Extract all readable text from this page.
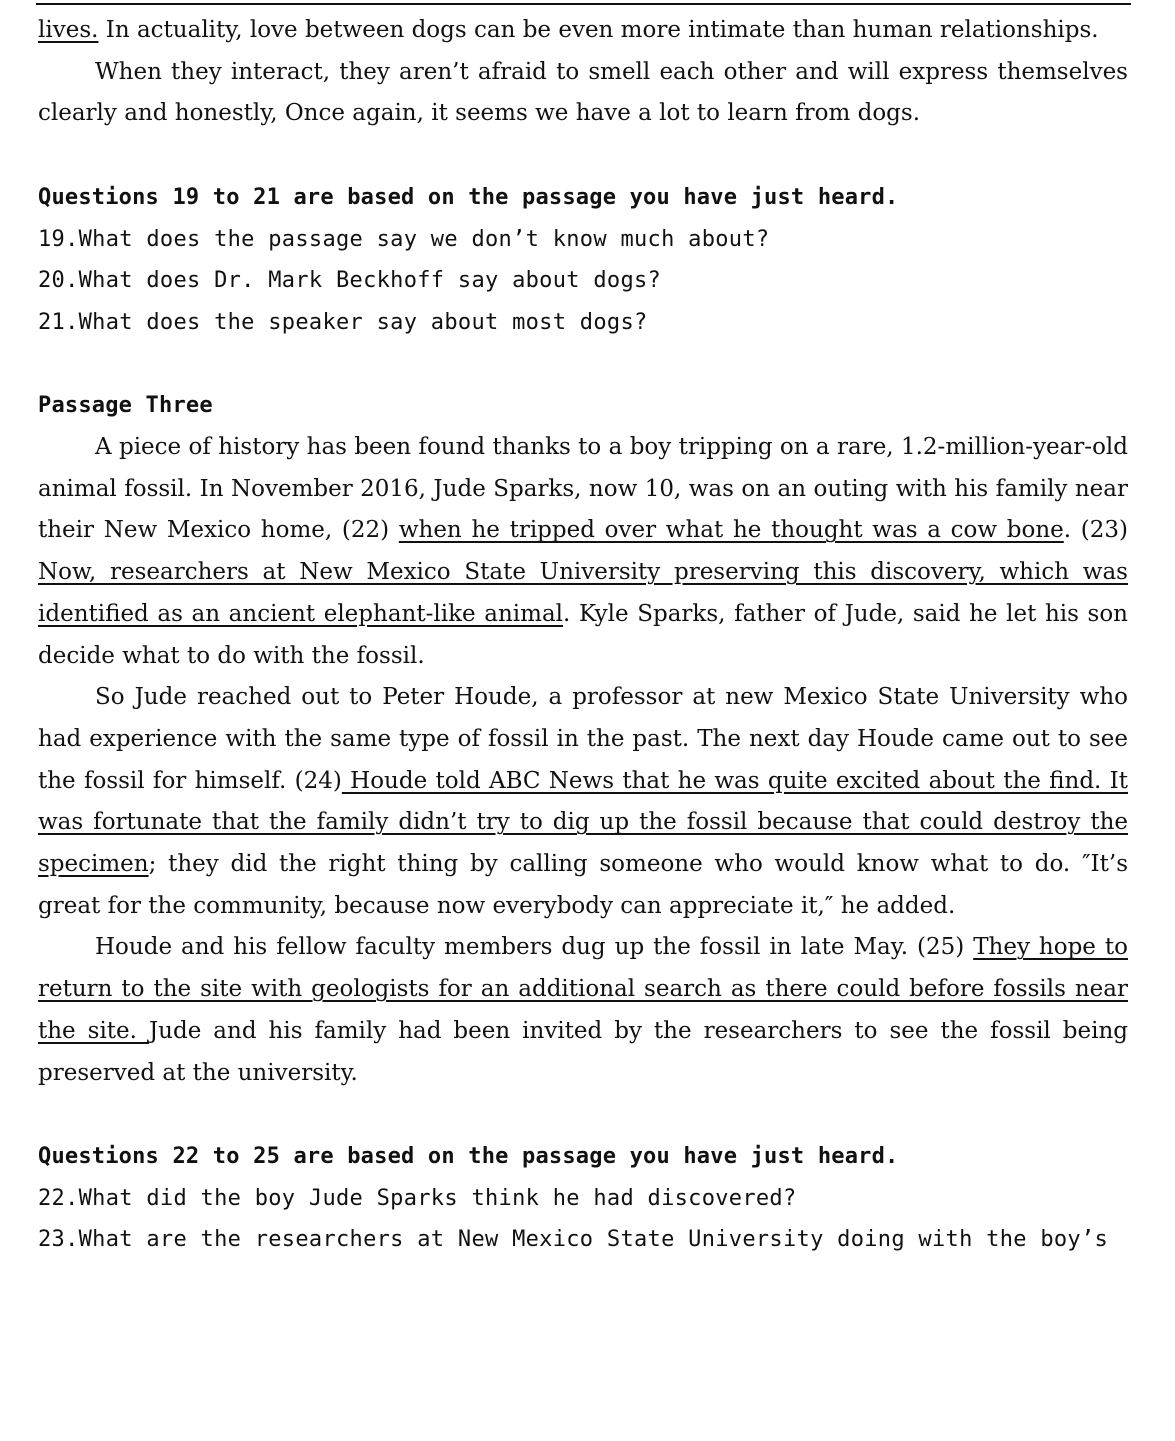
lives. In actuality, love between dogs can be even more intimate than human relationships.

When they interact, they aren’t afraid to smell each other and will express themselves clearly and honestly, Once again, it seems we have a lot to learn from dogs.

Questions 19 to 21 are based on the passage you have just heard.

19.What does the passage say we don’t know much about?

20.What does Dr. Mark Beckhoff say about dogs?

21.What does the speaker say about most dogs?

Passage Three

A piece of history has been found thanks to a boy tripping on a rare, 1.2-million-year-old animal fossil. In November 2016, Jude Sparks, now 10, was on an outing with his family near their New Mexico home, (22) when he tripped over what he thought was a cow bone. (23) Now, researchers at New Mexico State University preserving this discovery, which was identified as an ancient elephant-like animal. Kyle Sparks, father of Jude, said he let his son decide what to do with the fossil.

So Jude reached out to Peter Houde, a professor at new Mexico State University who had experience with the same type of fossil in the past. The next day Houde came out to see the fossil for himself. (24) Houde told ABC News that he was quite excited about the find. It was fortunate that the family didn’t try to dig up the fossil because that could destroy the specimen; they did the right thing by calling someone who would know what to do. ″It’s great for the community, because now everybody can appreciate it,″ he added.

Houde and his fellow faculty members dug up the fossil in late May. (25) They hope to return to the site with geologists for an additional search as there could before fossils near the site. Jude and his family had been invited by the researchers to see the fossil being preserved at the university.

Questions 22 to 25 are based on the passage you have just heard.

22.What did the boy Jude Sparks think he had discovered?

23.What are the researchers at New Mexico State University doing with the boy’s
